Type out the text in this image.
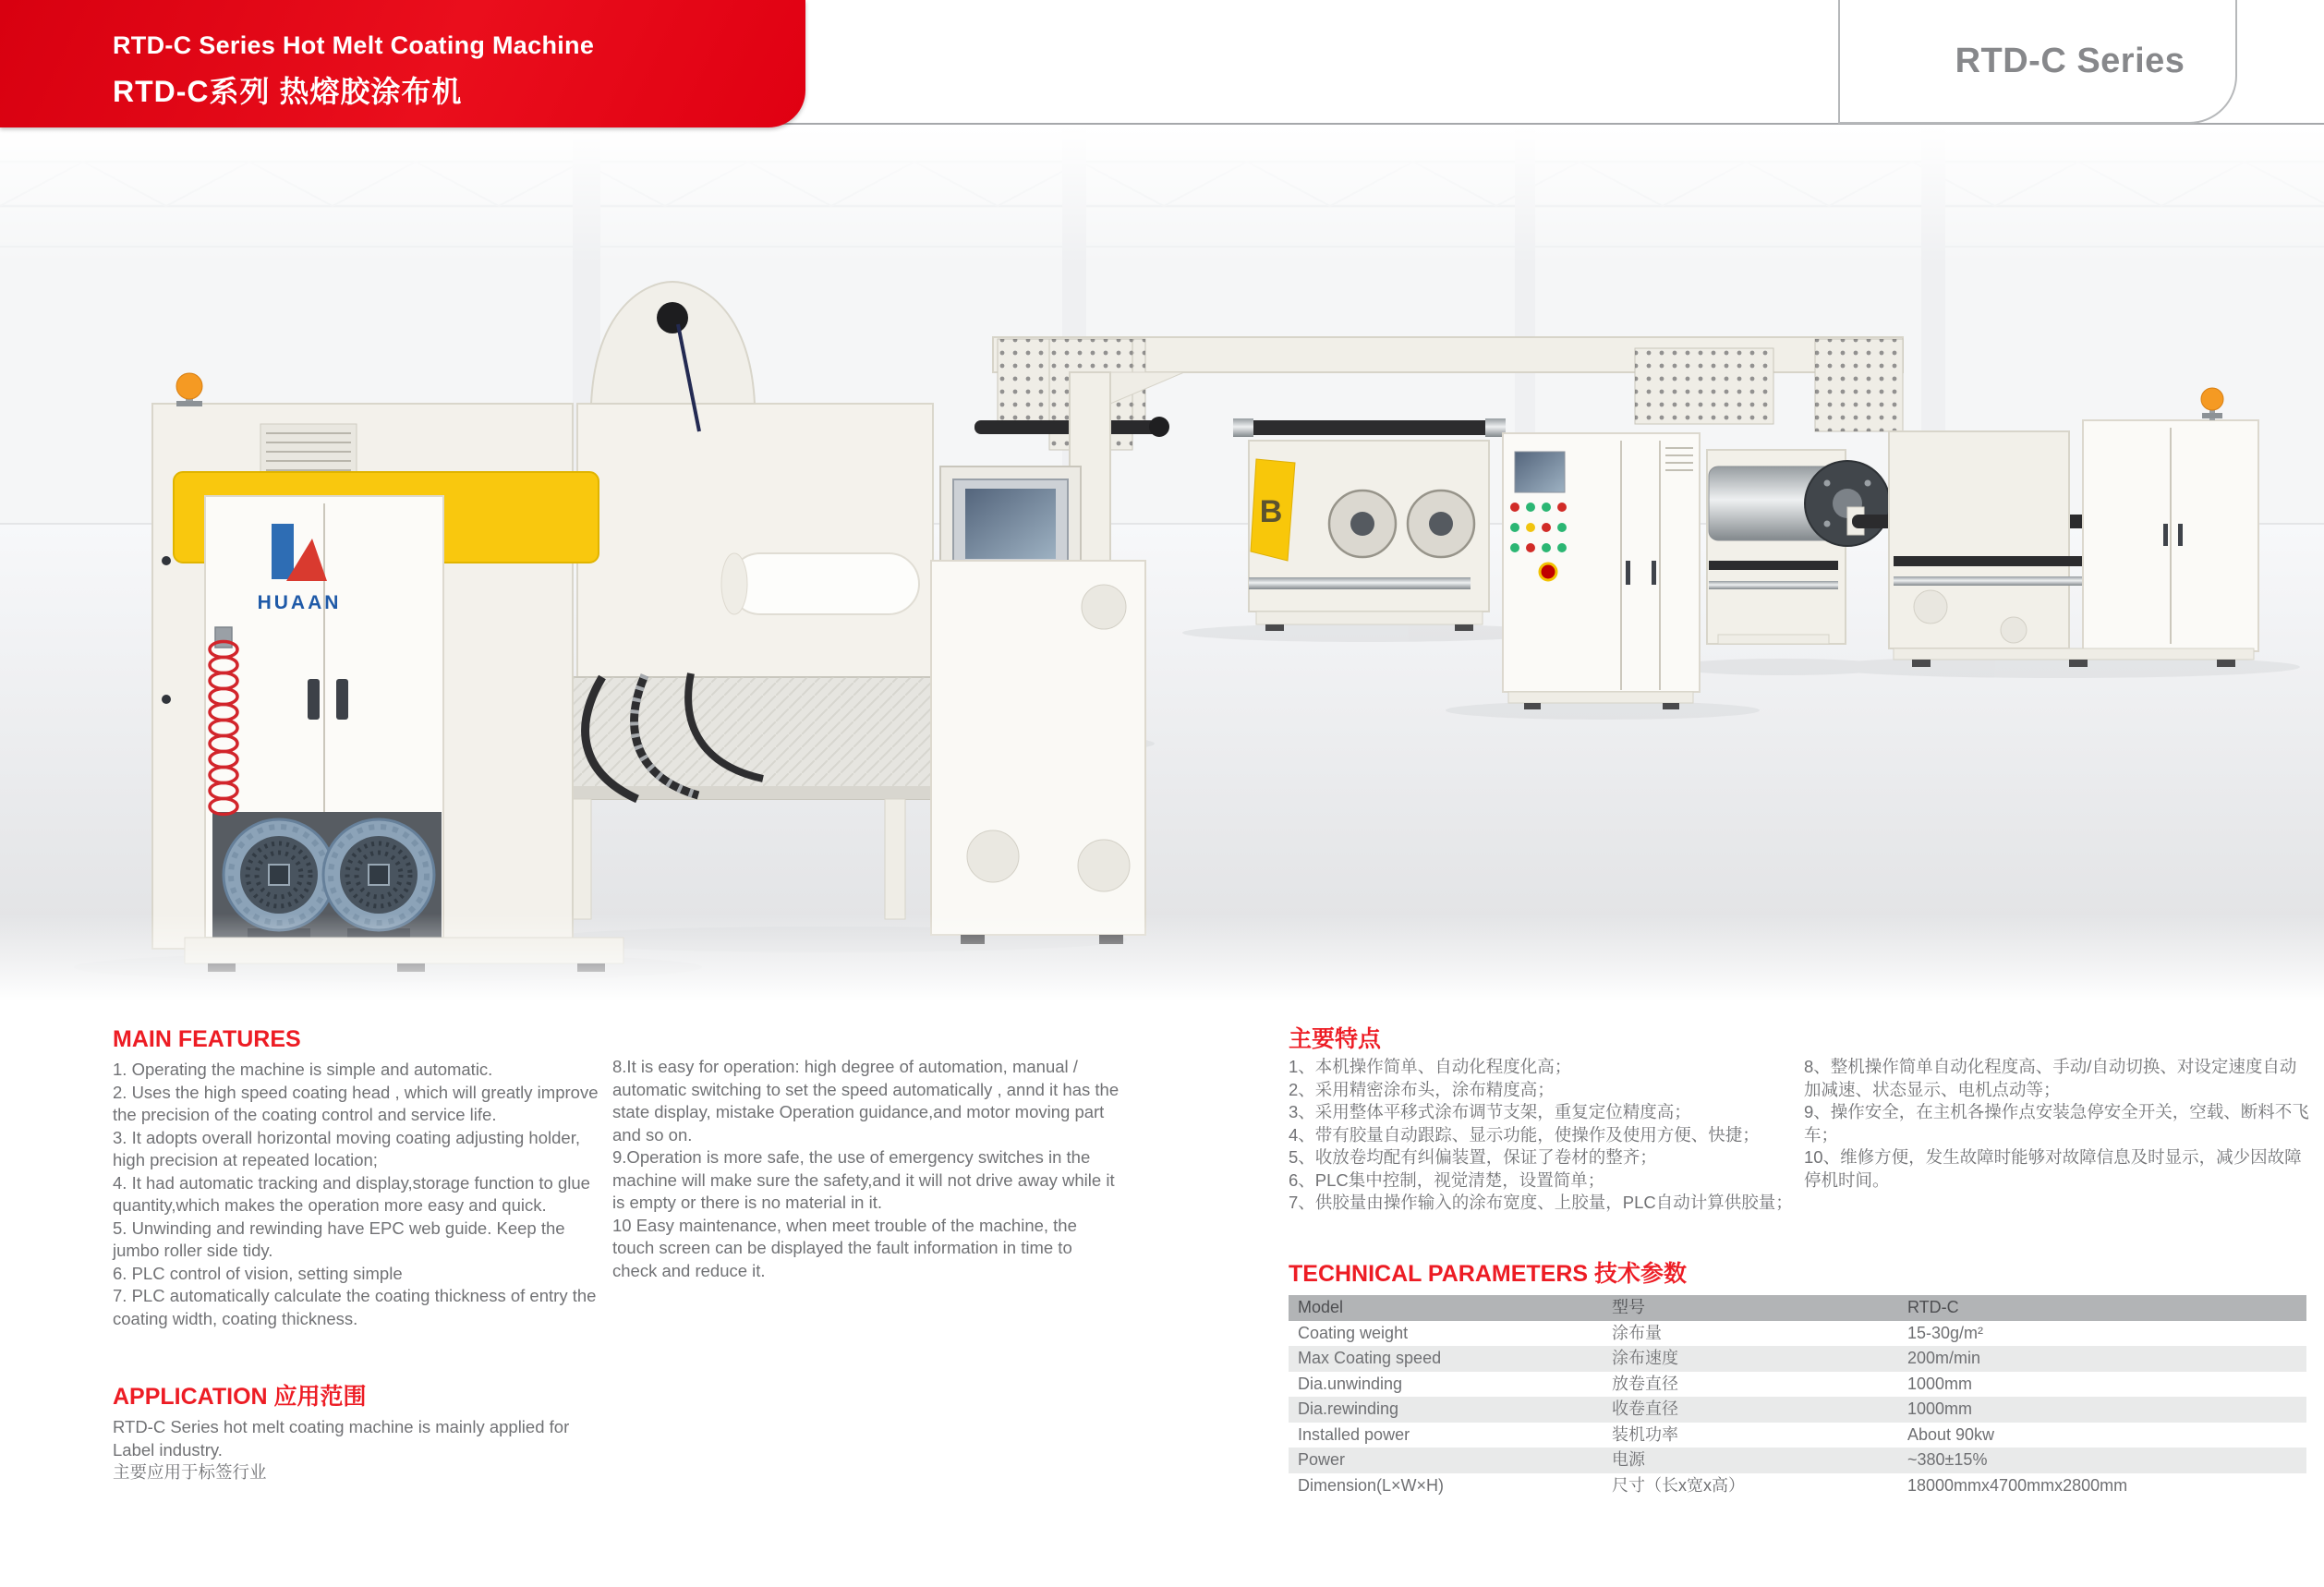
RTD-C Series Hot Melt Coating Machine
RTD-C系列 热熔胶涂布机
RTD-C Series
B
HUAAN
MAIN FEATURES
1. Operating the machine is simple and automatic.
2. Uses the high speed coating head , which will greatly improve the precision of the coating control and service life.
3. It adopts overall horizontal moving coating adjusting holder, high precision at repeated location;
4. It had automatic tracking and display,storage function to glue quantity,which makes the operation more easy and quick.
5. Unwinding and rewinding have EPC web guide. Keep the jumbo roller side tidy.
6. PLC control of vision, setting simple
7. PLC automatically calculate the coating thickness of entry the coating width, coating thickness.
8.It is easy for operation: high degree of automation, manual / automatic switching to set the speed automatically , annd it has the state display, mistake Operation guidance,and motor moving part and so on.
9.Operation is more safe, the use of emergency switches in the machine will make sure the safety,and it will not drive away while it is empty or there is no material in it.
10 Easy maintenance, when meet trouble of the machine, the touch screen can be displayed the fault information in time to check and reduce it.
主要特点
1、本机操作简单、自动化程度化高；
2、采用精密涂布头，涂布精度高；
3、采用整体平移式涂布调节支架，重复定位精度高；
4、带有胶量自动跟踪、显示功能，使操作及使用方便、快捷；
5、收放卷均配有纠偏装置，保证了卷材的整齐；
6、PLC集中控制，视觉清楚，设置简单；
7、供胶量由操作输入的涂布宽度、上胶量，PLC自动计算供胶量；
8、整机操作简单自动化程度高、手动/自动切换、对设定速度自动加减速、状态显示、电机点动等；
9、操作安全，在主机各操作点安装急停安全开关，空载、断料不飞车；
10、维修方便，发生故障时能够对故障信息及时显示，减少因故障停机时间。
APPLICATION 应用范围
RTD-C Series hot melt coating machine is mainly applied for Label industry.
主要应用于标签行业
TECHNICAL PARAMETERS 技术参数
Model	型号	RTD-C
Coating weight	涂布量	15-30g/m²
Max Coating speed	涂布速度	200m/min
Dia.unwinding	放卷直径	1000mm
Dia.rewinding	收卷直径	1000mm
Installed power	装机功率	About 90kw
Power	电源	~380±15%
Dimension(L×W×H)	尺寸（长x宽x高）	18000mmx4700mmx2800mm
